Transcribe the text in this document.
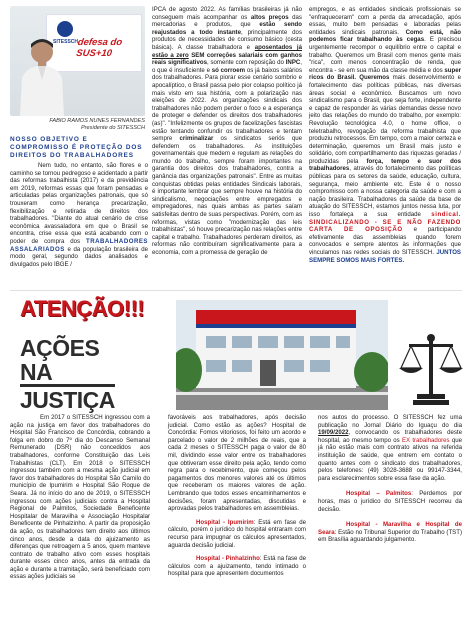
SITESSCH
defesa do SUS+10
FABIO RAMOS NUNES FERNANDES
Presidente do SITESSCH
NOSSO OBJETIVO E COMPROMISSO É PROTEÇÃO DOS DIREITOS DO TRABALHADORES
Nem tudo, no entanto, são flores e o caminho se tornou pedregoso e acidentado a partir das reformas trabalhista (2017) e da previdência em 2019, reformas essas que foram pensadas e articuladas pelas organizações patronais, que só trouxeram como herança precarização, flexibilização e retirada de direitos dos trabalhadores. "Diante do atual cenário de crise econômica avassaladora em que o Brasil se encontra, crise essa que está acabando com o poder de compra dos TRABALHADORES ASSALARIADOS e da população brasileira de modo geral, segundo dados analisados e divulgados pelo IBGE /
IPCA de agosto 2022. As famílias brasileiras já não conseguem mais acompanhar os altos preços das mercadorias e produtos, que estão sendo reajustados a todo instante, principalmente dos produtos de necessidades de consumo básico (cesta básica). A classe trabalhadora e aposentados já estão a zero SEM correções salariais com ganhos reais significativos, somente com reposição do INPC, o que é insuficiente e só corroem os já baixos salários dos trabalhadores. Para piorar esse cenário sombrio e apocalíptico, o Brasil passa pelo pior colapso político já mais visto em sua história, com a polarização nas eleições de 2022. As organizações sindicais dos trabalhadores não podem perder o foco e a esperança de proteger e defender os direitos dos trabalhadores (as)". "Infelizmente os grupos de facelizações fascistas estão tentando confundir os trabalhadores e tentam sempre criminalizar os sindicatos seriós que defendem os trabalhadores. As instituições governamentais que medem e regulam as relações do mundo do trabalho, sempre foram importantes na garantia dos direitos dos trabalhadores, contra a ganância das organizações patronais". Entre as muitas conquistas obtidas pelas entidades Sindicais laborais, é importante lembrar que sempre houve na história do sindicalismo, negociações entre empregados e empregadores, nas quais ambas as partes saíam satisfeitas dentro de suas perspectivas. Porém, com as reformas, vistas como "modernização das leis trabalhistas", só houve precarização nas relações entre capital e trabalho. Trabalhadores perderam direitos, as reformas não contribuíram significativamente para a economia, com a promessa de geração de
empregos, e as entidades sindicais profissionais se "enfraqueceram" com a perda da arrecadação, após essas, muito bem pensadas e laboradas pelas entidades sindicais patronais. Como está, não podemos ficar trabalhando às cegas. E precisou urgentemente recompor o equilíbrio entre o capital e trabalho. Queremos um Brasil com menos gente mais "rica", com menos concentração de renda, que encontra - se em sua mão da classe média e dos super ricos do Brasil. Queremos mais desenvolvimento e fortalecimento das políticas públicas, nas diversas áreas social e econômico. Buscamos um novo sindicalismo para o Brasil, que seja forte, independente e capaz de responder às várias demandas desse novo jeito das relações do mundo do trabalho, por exemplo: Revolução tecnológica 4.0, o home office, o teletrabalho, revogação da reforma trabalhista que produziu retrocessos. Em tempo, com a maior certeza e determinação, queremos um Brasil mais justo e solidário, com compartilhamento das riquezas geradas / produzidas pela força, tempo e suor dos trabalhadores, através do fortalecimento das políticas públicas para os setores da saúde, educação, cultura, segurança, meio ambiente etc. Este é o nosso compromisso com a nossa categoria da saúde e com a nação brasileira. Trabalhadores da saúde da base de atuação do SITESSCH, estamos juntos nessa luta, por isso fortaleça a sua entidade sindical. SINDICALIZANDO - SE E NÃO FAZENDO CARTA DE OPOSIÇÃO e participando efetivamente das assembleias quando forem convocados e sempre atentos às informações que vinculamos nas redes sociais do SITESSCH. JUNTOS SEMPRE SOMOS MAIS FORTES.
ATENÇÃO!!!
AÇÕES
NA
JUSTIÇA
Em 2017 o SITESSCH ingressou com a ação na justiça em favor dos trabalhadores do Hospital São Francisco de Concórdia, cobrando a folga em dobro do 7º dia do Descanso Semanal Remunerado (DSR) não concedidos aos trabalhadores, conforme Constituição das Leis Trabalhistas (CLT). Em 2018 o SITESSCH ingressou também com a mesma ação judicial em favor dos trabalhadores do Hospital São Camilo do município de Ipumirim e Hospital São Roque de Seara. Já no início do ano de 2019, o SITESSCH ingressou com ações judiciais contra a Hospital Regional de Palmitos, Sociedade Beneficente Hospitalar de Maravilha e Associação Hospitalar Beneficente de Pinhalzinho. A partir da proposição da ação, os trabalhadores tem direito aos últimos cinco anos, desde a data do ajuizamento as diferenças que retroagem a 5 anos, quem manteve contrato de trabalho ativo com esses hospitais durante esses cinco anos, antes da entrada da ação e durante a tramitação, será beneficiado com essas ações judiciais se
favoráveis aos trabalhadores, após decisão judicial. Como estão as ações? Hospital de Concórdia: Fomos vitoriosos, foi feito um acordo e parcelado o valor de 2 milhões de reais, que a cada 2 meses o SITESSCH paga o valor de 80 mil, dividindo esse valor entre os trabalhadores que obtiveram esse direito pela ação, tendo como regra para o recebimento, que começou pelos pagamentos dos menores valores até os últimos que receberam os maiores valores de ação. Lembrando que todos esses encaminhamentos e decisões, foram apresentadas, discutidas e aprovadas pelos trabalhadores em assembleias.
Hospital - Ipumirim: Está em fase de cálculo, porém o jurídico do hospital entraram com recurso para impugnar os cálculos apresentados, aguarda decisão judicial.
Hospital - Pinhalzinho: Está na fase de cálculos com a ajuizamento, tendo intimado o hospital para que apresentem documentos
nos autos do processo. O SITESSCH fez uma publicação no Jornal Diário do Iguaçu do dia 19/09/2022, convocando os trabalhadores deste hospital, ao mesmo tempo os EX trabalhadores que já não estão mais com contrato ativos na referida instituição de saúde, que entrem em contato o quanto antes com o sindicato dos trabalhadores, pelos telefones: (49) 3028-3688 ou 99147-3344, para esclarecimentos sobre essa fase da ação.
Hospital – Palmitos: Perdemos por horas, mas o jurídico do SITESSCH recorreu da decisão.
Hospital - Maravilha e Hospital de Seara: Estão no Tribunal Superior do Trabalho (TST) em Brasília aguardando julgamento.
